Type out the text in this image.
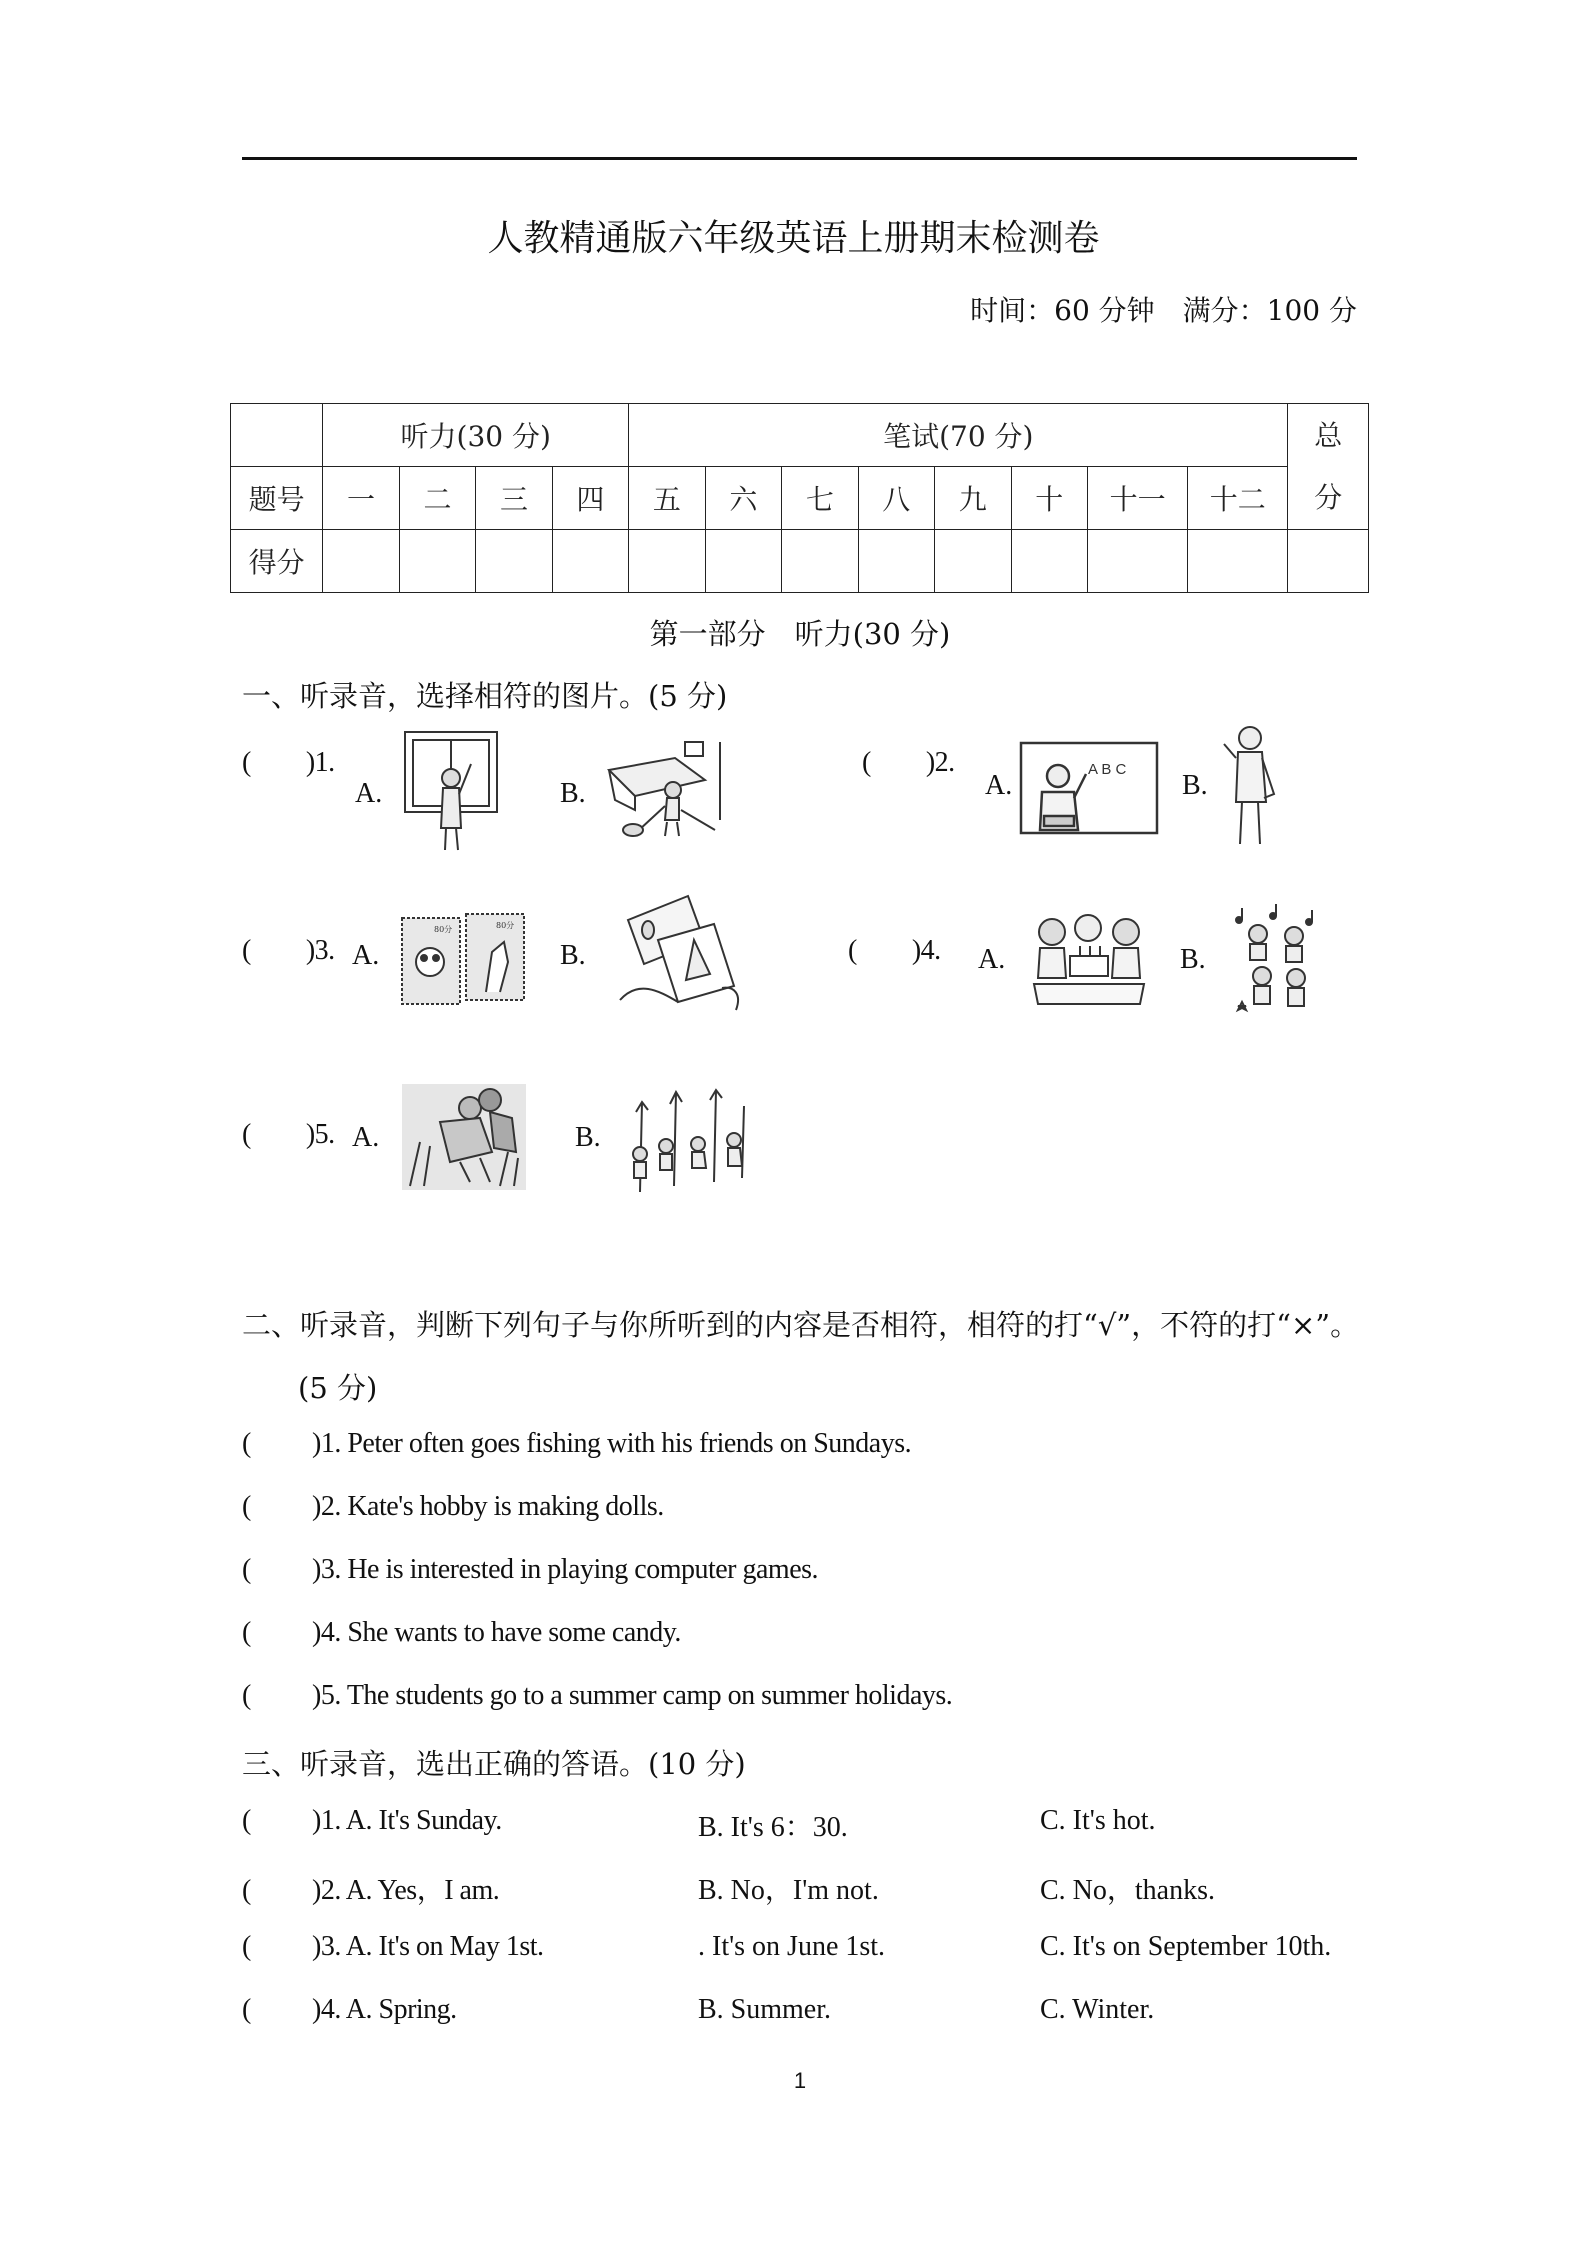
人教精通版六年级英语上册期末检测卷
时间：60 分钟　满分：100 分
	听力(30 分)				笔试(70 分)								总
分

题号	一	二	三	四	五	六	七	八	九	十	十一	十二	
得分													
第一部分　听力(30 分)
一、听录音，选择相符的图片。(5 分)
(　　)1.
A.	B.
(　　)2.
A.
A B C
B.
(　　)3. A.
80分	80分
B.	(　　)4. A.	B.
(　　)5. A.	B.
二、听录音，判断下列句子与你所听到的内容是否相符，相符的打“√”，不符的打“×”。
(5 分)
( )1. Peter often goes fishing with his friends on Sundays.
( )2. Kate's hobby is making dolls.
( )3. He is interested in playing computer games.
( )4. She wants to have some candy.
( )5. The students go to a summer camp on summer holidays.
三、听录音，选出正确的答语。(10 分)
( )1. A. It's Sunday.	B. It's 6：30.	C. It's hot.
( )2. A. Yes，I am.	B. No，I'm not.	C. No，thanks.
( )3. A. It's on May 1st.	. It's on June 1st.	C. It's on September 10th.
( )4. A. Spring.	B. Summer.	C. Winter.
1
